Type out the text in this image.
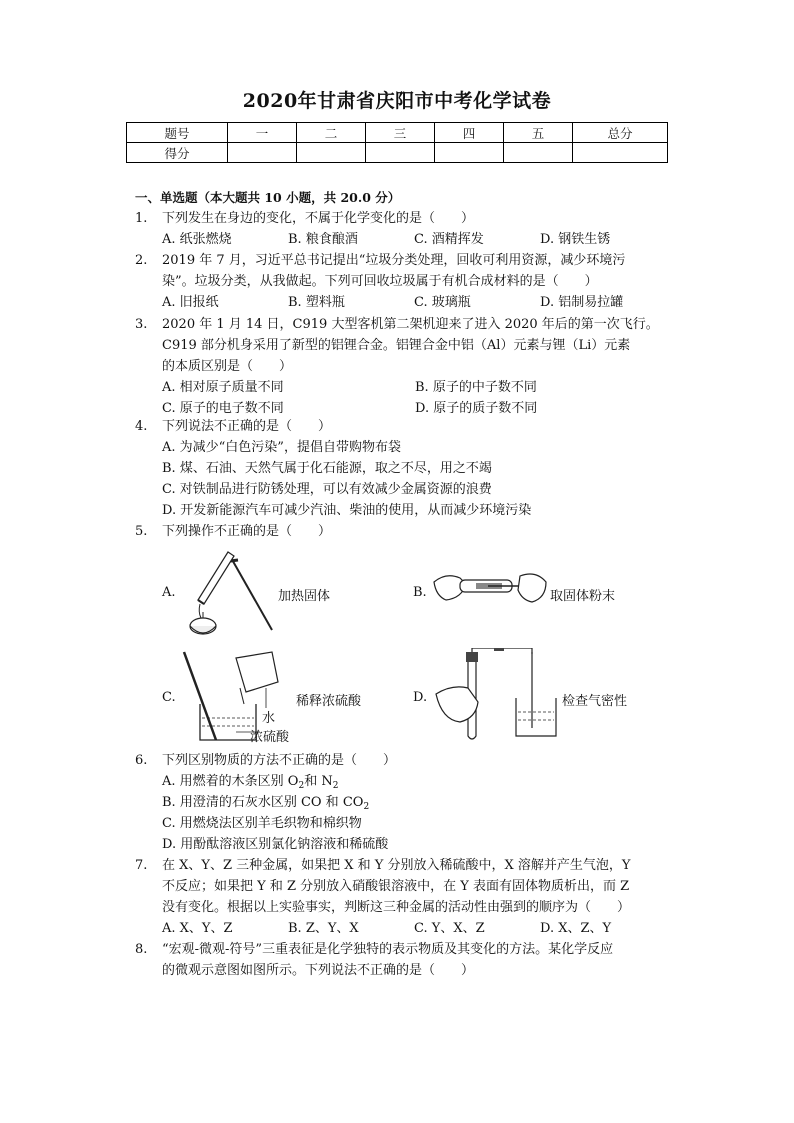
2020年甘肃省庆阳市中考化学试卷
题号	一	二	三	四	五	总分
得分						
一、单选题（本大题共 10 小题，共 20.0 分）
1.	下列发生在身边的变化，不属于化学变化的是（　　）
A. 纸张燃烧	B. 粮食酿酒	C. 酒精挥发	D. 钢铁生锈
2.	2019 年 7 月，习近平总书记提出“垃圾分类处理，回收可利用资源，减少环境污
染”。垃圾分类，从我做起。下列可回收垃圾属于有机合成材料的是（　　）
A. 旧报纸	B. 塑料瓶	C. 玻璃瓶	D. 铝制易拉罐
3.	2020 年 1 月 14 日，C919 大型客机第二架机迎来了进入 2020 年后的第一次飞行。
C919 部分机身采用了新型的铝锂合金。铝锂合金中铝（Al）元素与锂（Li）元素
的本质区别是（　　）
A. 相对原子质量不同	B. 原子的中子数不同
C. 原子的电子数不同	D. 原子的质子数不同
4.	下列说法不正确的是（　　）
A. 为减少“白色污染”，提倡自带购物布袋
B. 煤、石油、天然气属于化石能源，取之不尽，用之不竭
C. 对铁制品进行防锈处理，可以有效减少金属资源的浪费
D. 开发新能源汽车可减少汽油、柴油的使用，从而减少环境污染
5.	下列操作不正确的是（　　）
A.	加热固体	B.	取固体粉末
C.
水
浓硫酸
稀释浓硫酸	D.	检查气密性
6.	下列区别物质的方法不正确的是（　　）
A. 用燃着的木条区别 $O_2$和 $N_2$
B. 用澄清的石灰水区别 CO 和 $CO_2$
C. 用燃烧法区别羊毛织物和棉织物
D. 用酚酞溶液区别氯化钠溶液和稀硫酸
7.	在 X、Y、Z 三种金属，如果把 X 和 Y 分别放入稀硫酸中，X 溶解并产生气泡，Y
不反应；如果把 Y 和 Z 分别放入硝酸银溶液中，在 Y 表面有固体物质析出，而 Z
没有变化。根据以上实验事实，判断这三种金属的活动性由强到的顺序为（　　）
A. X、Y、Z	B. Z、Y、X	C. Y、X、Z	D. X、Z、Y
8.	“宏观-微观-符号”三重表征是化学独特的表示物质及其变化的方法。某化学反应
的微观示意图如图所示。下列说法不正确的是（　　）
